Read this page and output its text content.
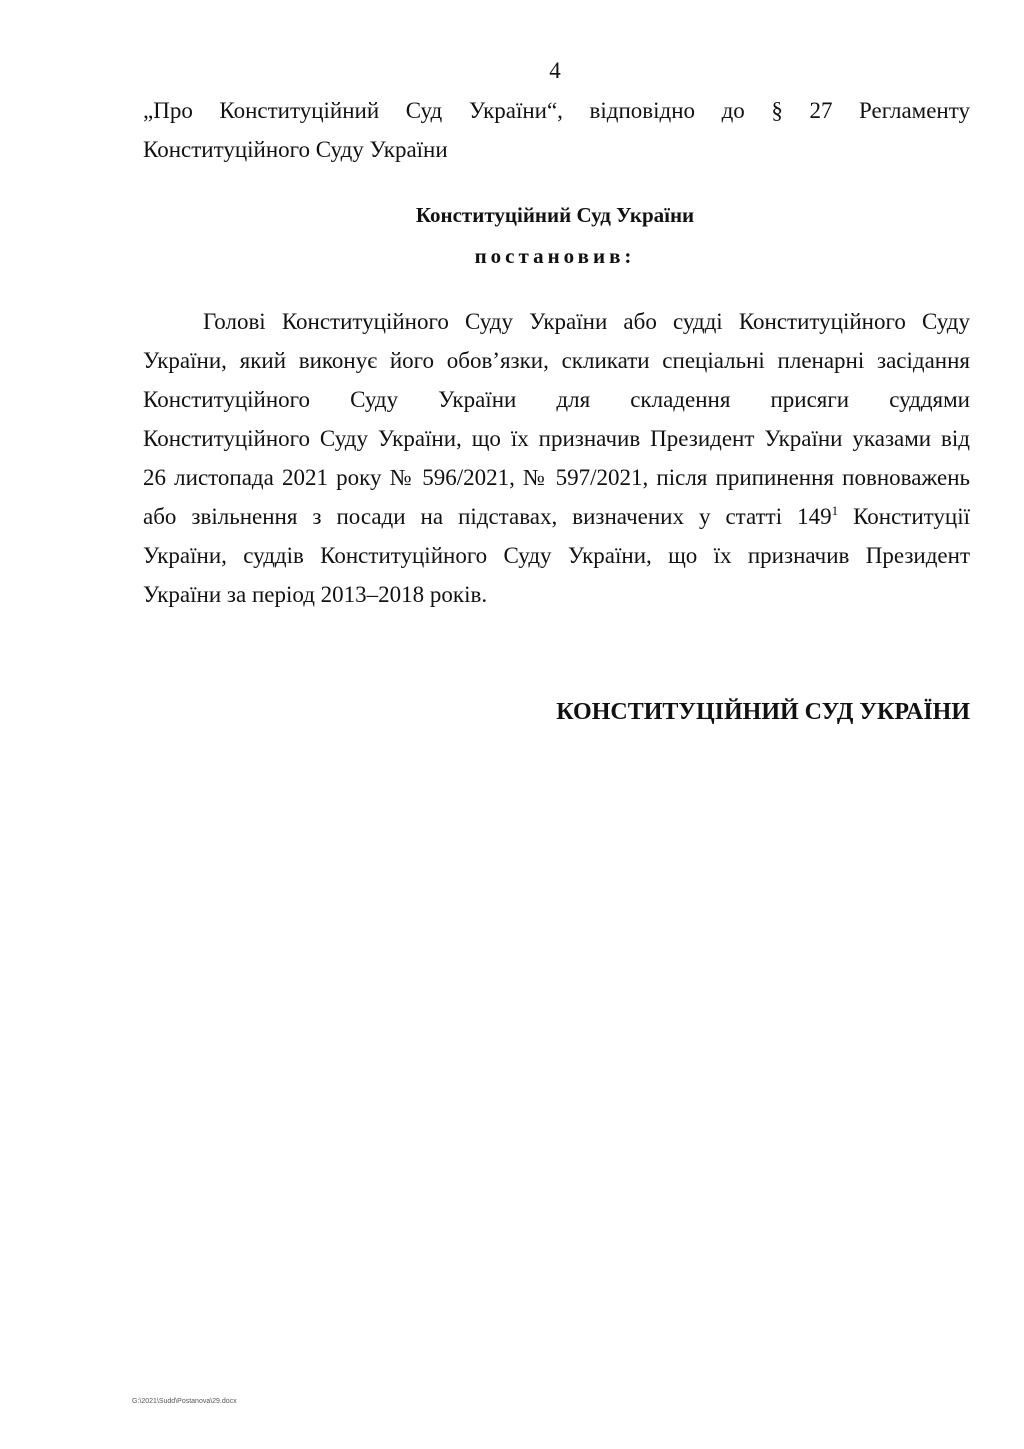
4
„Про Конституційний Суд України“, відповідно до § 27 Регламенту
Конституційного Суду України
Конституційний Суд України
постановив:
Голові Конституційного Суду України або судді Конституційного Суду
України, який виконує його обов’язки, скликати спеціальні пленарні засідання
Конституційного Суду України для складення присяги суддями
Конституційного Суду України, що їх призначив Президент України указами від
26 листопада 2021 року № 596/2021, № 597/2021, після припинення повноважень
або звільнення з посади на підставах, визначених у статті $149^1$ Конституції
України, суддів Конституційного Суду України, що їх призначив Президент
України за період 2013–2018 років.
КОНСТИТУЦІЙНИЙ СУД УКРАЇНИ
G:\2021\Sudd\Postanova\29.docx
